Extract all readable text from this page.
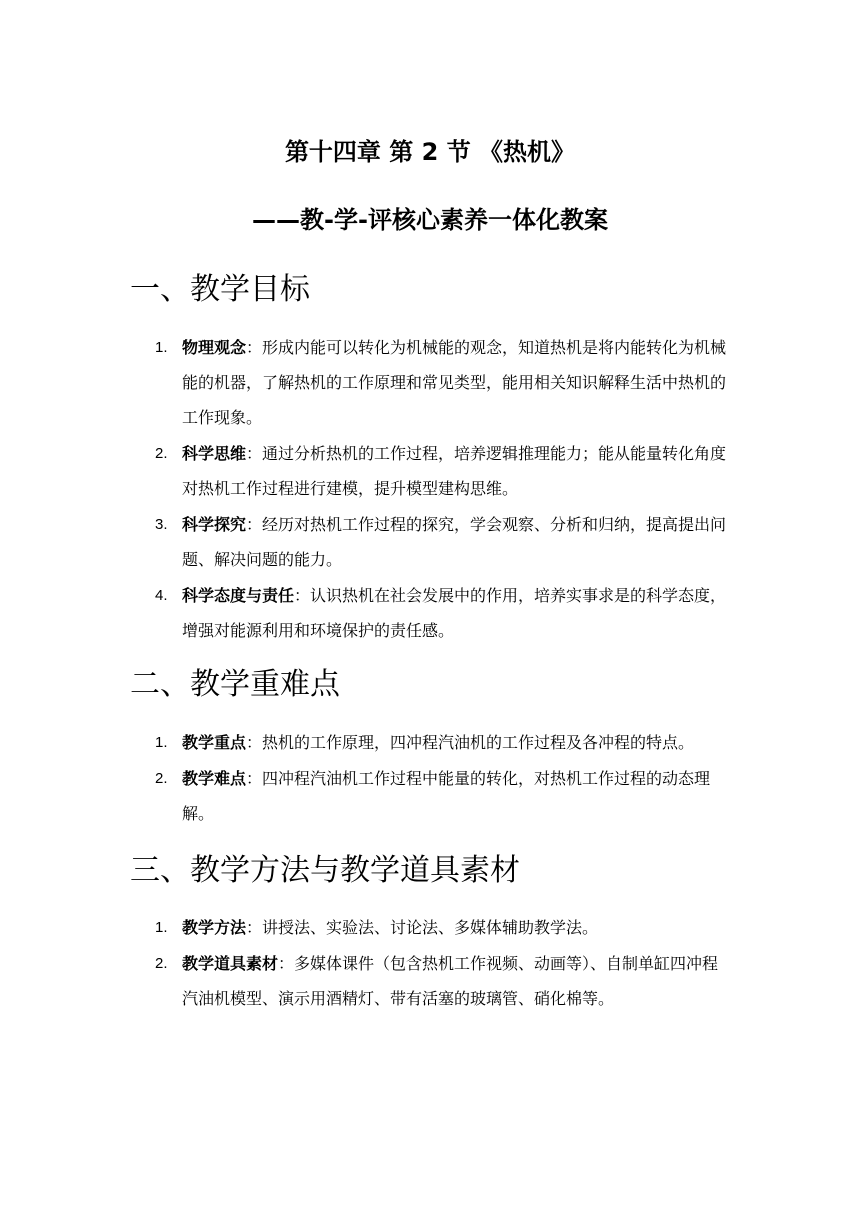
第十四章 第 2 节 《热机》
——教-学-评核心素养一体化教案
一、教学目标
1. 物理观念：形成内能可以转化为机械能的观念，知道热机是将内能转化为机械能的机器，了解热机的工作原理和常见类型，能用相关知识解释生活中热机的工作现象。
2. 科学思维：通过分析热机的工作过程，培养逻辑推理能力；能从能量转化角度对热机工作过程进行建模，提升模型建构思维。
3. 科学探究：经历对热机工作过程的探究，学会观察、分析和归纳，提高提出问题、解决问题的能力。
4. 科学态度与责任：认识热机在社会发展中的作用，培养实事求是的科学态度，增强对能源利用和环境保护的责任感。
二、教学重难点
1. 教学重点：热机的工作原理，四冲程汽油机的工作过程及各冲程的特点。
2. 教学难点：四冲程汽油机工作过程中能量的转化，对热机工作过程的动态理解。
三、教学方法与教学道具素材
1. 教学方法：讲授法、实验法、讨论法、多媒体辅助教学法。
2. 教学道具素材：多媒体课件（包含热机工作视频、动画等）、自制单缸四冲程汽油机模型、演示用酒精灯、带有活塞的玻璃管、硝化棉等。
